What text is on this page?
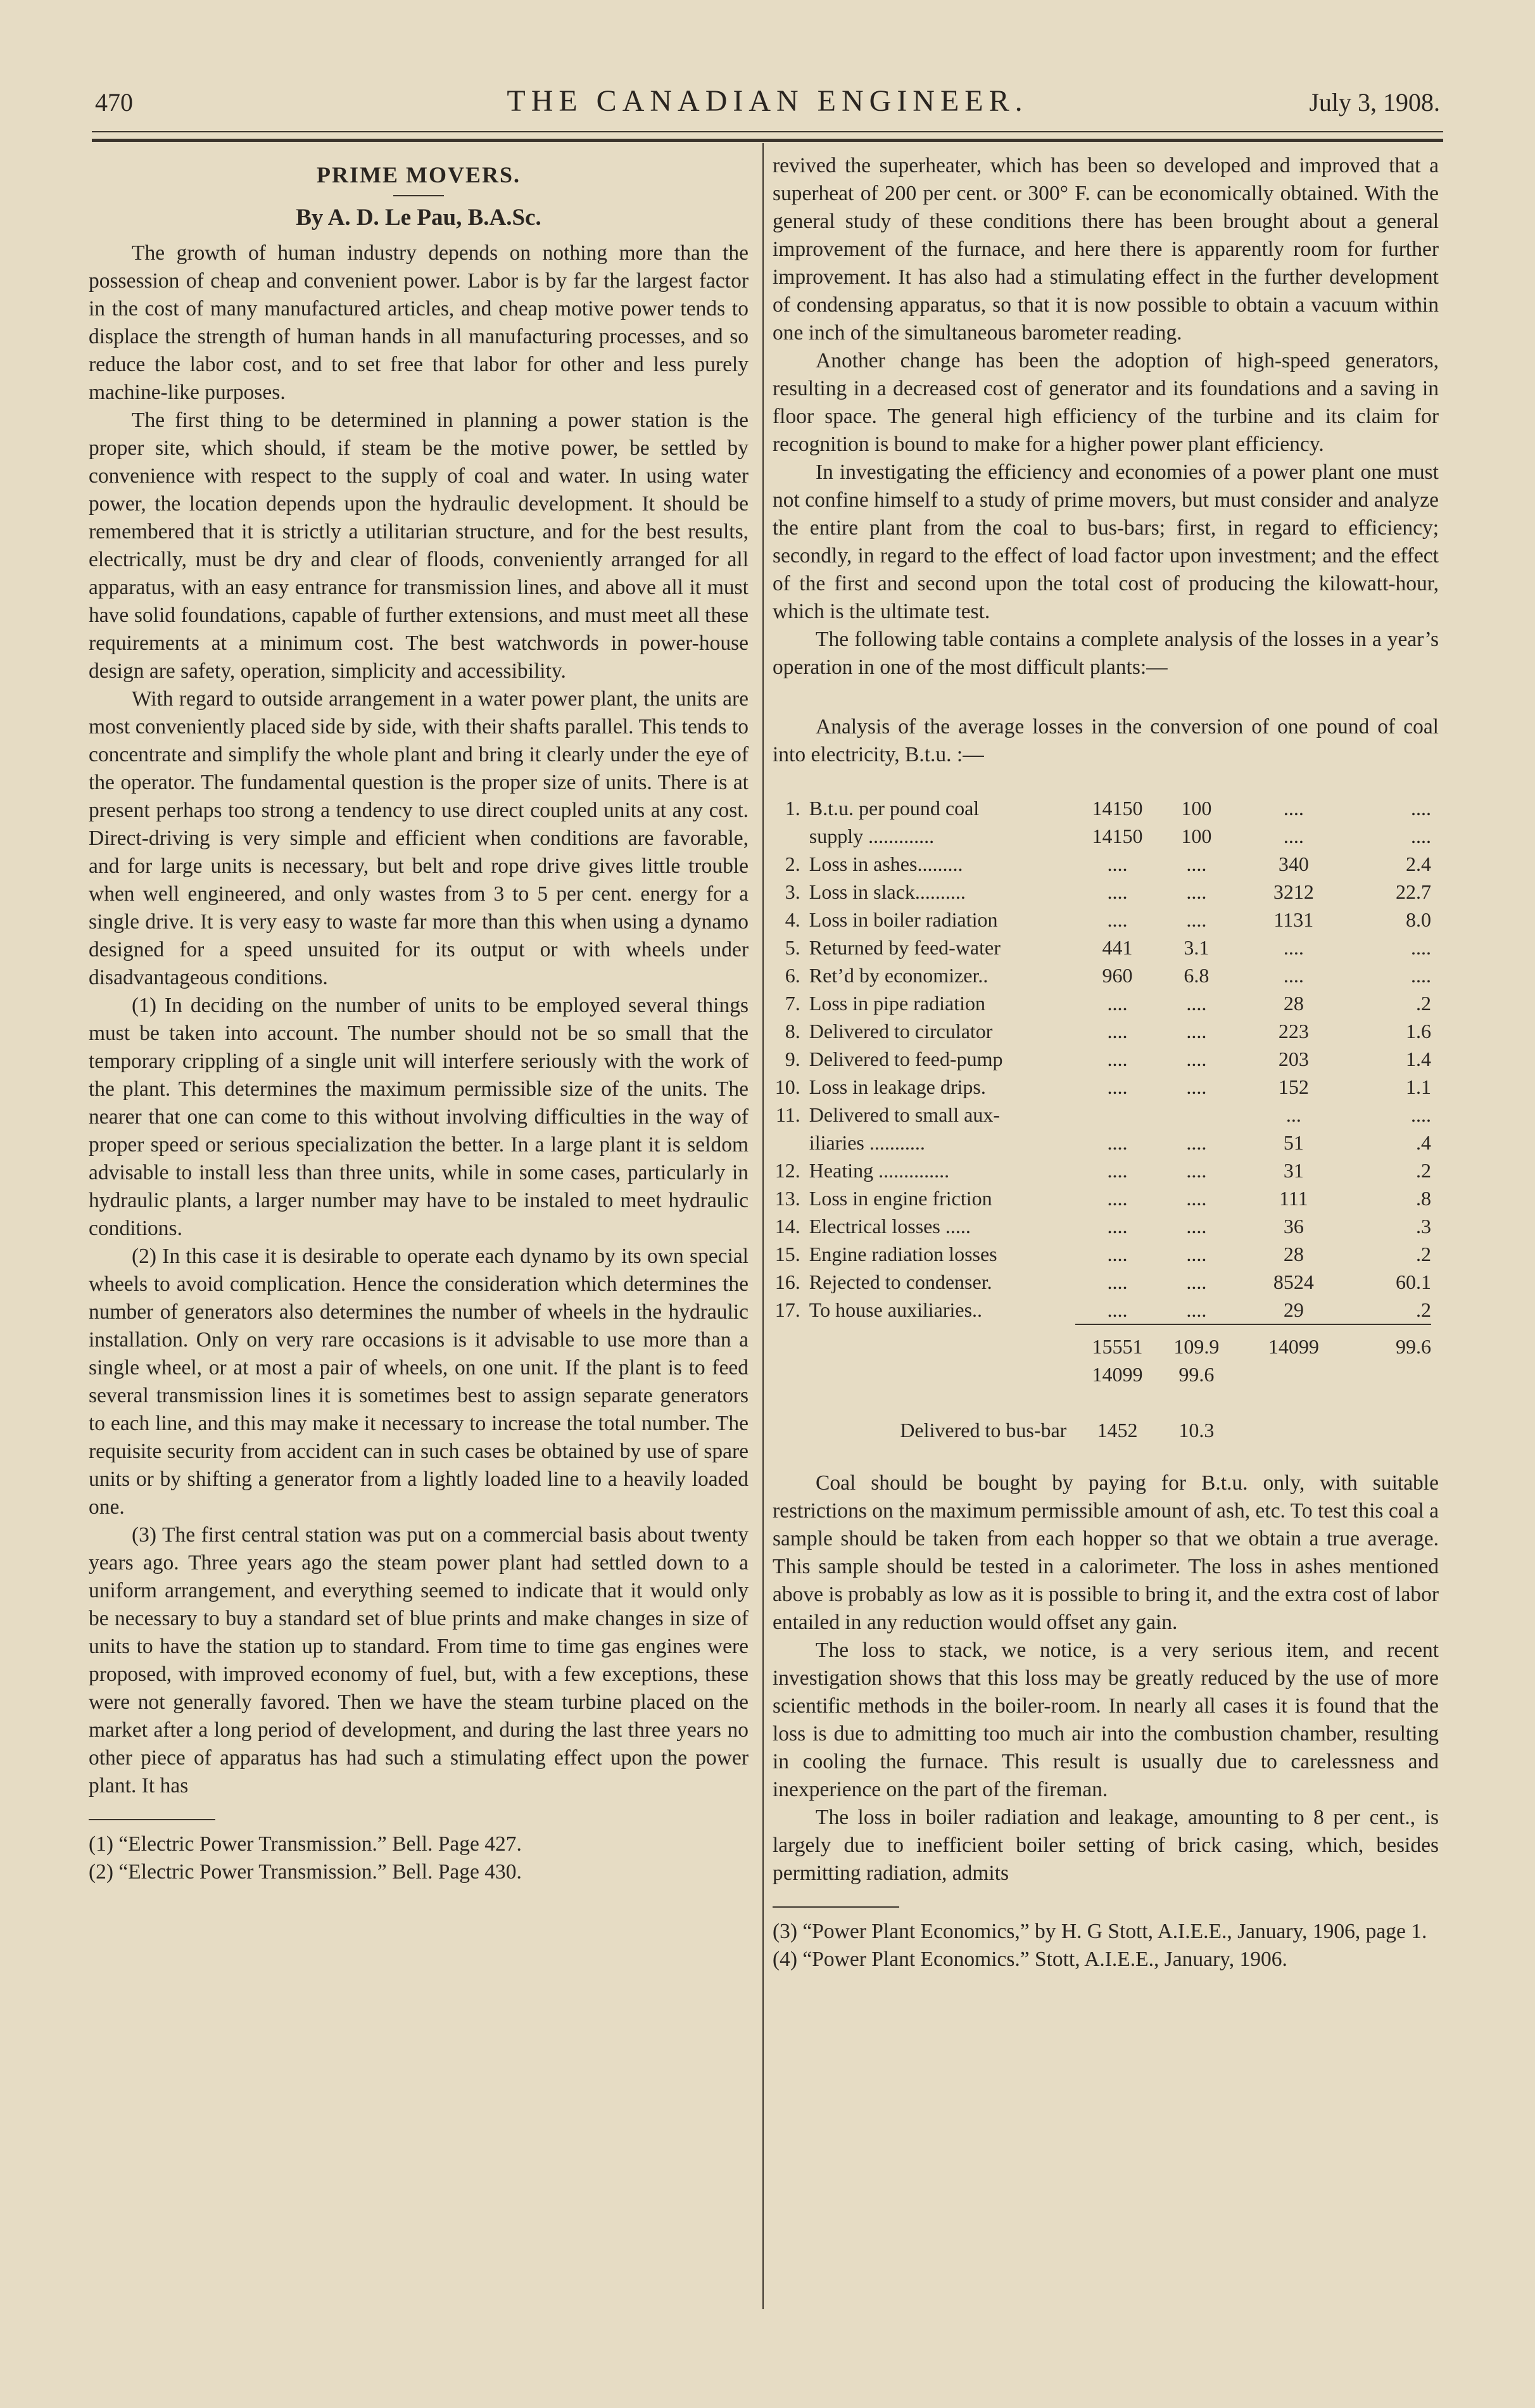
470	THE CANADIAN ENGINEER.	July 3, 1908.
PRIME MOVERS.
By A. D. Le Pau, B.A.Sc.

The growth of human industry depends on nothing more than the possession of cheap and convenient power. Labor is by far the largest factor in the cost of many manufactured articles, and cheap motive power tends to displace the strength of human hands in all manufacturing processes, and so reduce the labor cost, and to set free that labor for other and less purely machine-like purposes.

The first thing to be determined in planning a power station is the proper site, which should, if steam be the motive power, be settled by convenience with respect to the supply of coal and water. In using water power, the location depends upon the hydraulic development. It should be remembered that it is strictly a utilitarian structure, and for the best results, electrically, must be dry and clear of floods, conveniently arranged for all apparatus, with an easy entrance for transmission lines, and above all it must have solid foundations, capable of further extensions, and must meet all these requirements at a minimum cost. The best watchwords in power-house design are safety, operation, simplicity and accessibility.

With regard to outside arrangement in a water power plant, the units are most conveniently placed side by side, with their shafts parallel. This tends to concentrate and simplify the whole plant and bring it clearly under the eye of the operator. The fundamental question is the proper size of units. There is at present perhaps too strong a tendency to use direct coupled units at any cost. Direct-driving is very simple and efficient when conditions are favorable, and for large units is necessary, but belt and rope drive gives little trouble when well engineered, and only wastes from 3 to 5 per cent. energy for a single drive. It is very easy to waste far more than this when using a dynamo designed for a speed unsuited for its output or with wheels under disadvantageous conditions.

(1) In deciding on the number of units to be employed several things must be taken into account. The number should not be so small that the temporary crippling of a single unit will interfere seriously with the work of the plant. This determines the maximum permissible size of the units. The nearer that one can come to this without involving difficulties in the way of proper speed or serious specialization the better. In a large plant it is seldom advisable to install less than three units, while in some cases, particularly in hydraulic plants, a larger number may have to be instaled to meet hydraulic conditions.

(2) In this case it is desirable to operate each dynamo by its own special wheels to avoid complication. Hence the consideration which determines the number of generators also determines the number of wheels in the hydraulic installation. Only on very rare occasions is it advisable to use more than a single wheel, or at most a pair of wheels, on one unit. If the plant is to feed several transmission lines it is sometimes best to assign separate generators to each line, and this may make it necessary to increase the total number. The requisite security from accident can in such cases be obtained by use of spare units or by shifting a generator from a lightly loaded line to a heavily loaded one.

(3) The first central station was put on a commercial basis about twenty years ago. Three years ago the steam power plant had settled down to a uniform arrangement, and everything seemed to indicate that it would only be necessary to buy a standard set of blue prints and make changes in size of units to have the station up to standard. From time to time gas engines were proposed, with improved economy of fuel, but, with a few exceptions, these were not generally favored. Then we have the steam turbine placed on the market after a long period of development, and during the last three years no other piece of apparatus has had such a stimulating effect upon the power plant. It has

(1) “Electric Power Transmission.” Bell. Page 427.

(2) “Electric Power Transmission.” Bell. Page 430.

revived the superheater, which has been so developed and improved that a superheat of 200 per cent. or 300° F. can be economically obtained. With the general study of these conditions there has been brought about a general improvement of the furnace, and here there is apparently room for further improvement. It has also had a stimulating effect in the further development of condensing apparatus, so that it is now possible to obtain a vacuum within one inch of the simultaneous barometer reading.

Another change has been the adoption of high-speed generators, resulting in a decreased cost of generator and its foundations and a saving in floor space. The general high efficiency of the turbine and its claim for recognition is bound to make for a higher power plant efficiency.

In investigating the efficiency and economies of a power plant one must not confine himself to a study of prime movers, but must consider and analyze the entire plant from the coal to bus-bars; first, in regard to efficiency; secondly, in regard to the effect of load factor upon investment; and the effect of the first and second upon the total cost of producing the kilowatt-hour, which is the ultimate test.

The following table contains a complete analysis of the losses in a year’s operation in one of the most difficult plants:—

Analysis of the average losses in the conversion of one pound of coal into electricity, B.t.u. :—

1.	B.t.u. per pound coal	14150	100	....	....
	supply .............	14150	100	....	....
2.	Loss in ashes.........	....	....	340	2.4
3.	Loss in slack..........	....	....	3212	22.7
4.	Loss in boiler radiation	....	....	1131	8.0
5.	Returned by feed-water	441	3.1	....	....
6.	Ret’d by economizer..	960	6.8	....	....
7.	Loss in pipe radiation	....	....	28	.2
8.	Delivered to circulator	....	....	223	1.6
9.	Delivered to feed-pump	....	....	203	1.4
10.	Loss in leakage drips.	....	....	152	1.1
11.	Delivered to small aux-			...	....
	iliaries ...........	....	....	51	.4
12.	Heating ..............	....	....	31	.2
13.	Loss in engine friction	....	....	111	.8
14.	Electrical losses .....	....	....	36	.3
15.	Engine radiation losses	....	....	28	.2
16.	Rejected to condenser.	....	....	8524	60.1
17.	To house auxiliaries..	....	....	29	.2

		15551	109.9	14099	99.6
		14099	99.6		

	Delivered to bus-bar	1452	10.3		

Coal should be bought by paying for B.t.u. only, with suitable restrictions on the maximum permissible amount of ash, etc. To test this coal a sample should be taken from each hopper so that we obtain a true average. This sample should be tested in a calorimeter. The loss in ashes mentioned above is probably as low as it is possible to bring it, and the extra cost of labor entailed in any reduction would offset any gain.

The loss to stack, we notice, is a very serious item, and recent investigation shows that this loss may be greatly reduced by the use of more scientific methods in the boiler-room. In nearly all cases it is found that the loss is due to admitting too much air into the combustion chamber, resulting in cooling the furnace. This result is usually due to carelessness and inexperience on the part of the fireman.

The loss in boiler radiation and leakage, amounting to 8 per cent., is largely due to inefficient boiler setting of brick casing, which, besides permitting radiation, admits

(3) “Power Plant Economics,” by H. G Stott, A.I.E.E., January, 1906, page 1.

(4) “Power Plant Economics.” Stott, A.I.E.E., January, 1906.
